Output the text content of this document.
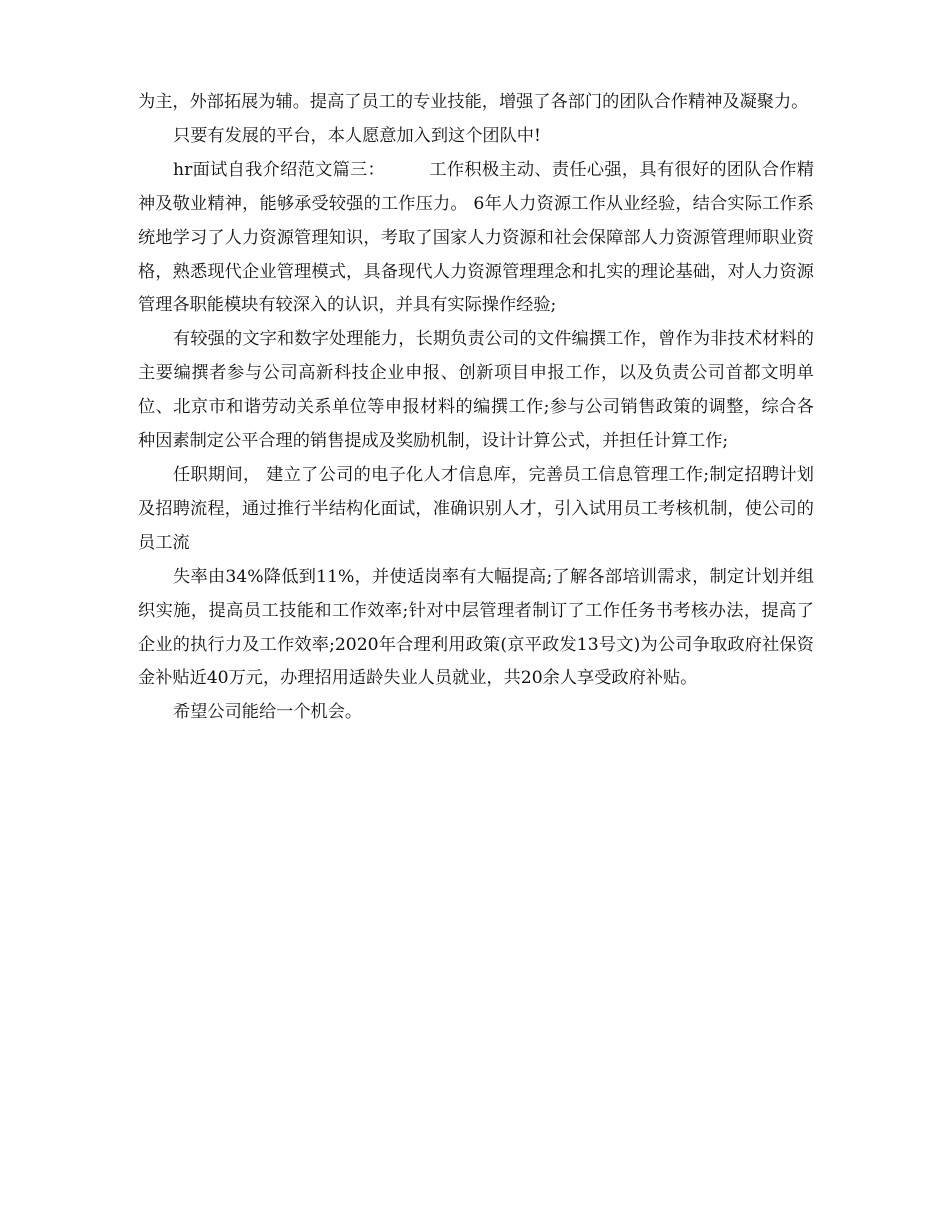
为主，外部拓展为辅。提高了员工的专业技能，增强了各部门的团队合作精神及凝聚力。

只要有发展的平台，本人愿意加入到这个团队中!

hr面试自我介绍范文篇三：	工作积极主动、责任心强，具有很好的团队合作精神及敬业精神，能够承受较强的工作压力。 6年人力资源工作从业经验，结合实际工作系统地学习了人力资源管理知识，考取了国家人力资源和社会保障部人力资源管理师职业资格，熟悉现代企业管理模式，具备现代人力资源管理理念和扎实的理论基础，对人力资源管理各职能模块有较深入的认识，并具有实际操作经验;

有较强的文字和数字处理能力，长期负责公司的文件编撰工作，曾作为非技术材料的主要编撰者参与公司高新科技企业申报、创新项目申报工作，以及负责公司首都文明单位、北京市和谐劳动关系单位等申报材料的编撰工作;参与公司销售政策的调整，综合各种因素制定公平合理的销售提成及奖励机制，设计计算公式，并担任计算工作;

任职期间， 建立了公司的电子化人才信息库，完善员工信息管理工作;制定招聘计划及招聘流程，通过推行半结构化面试，准确识别人才，引入试用员工考核机制，使公司的员工流

失率由34%降低到11%，并使适岗率有大幅提高;了解各部培训需求，制定计划并组织实施，提高员工技能和工作效率;针对中层管理者制订了工作任务书考核办法，提高了企业的执行力及工作效率;2020年合理利用政策(京平政发13号文)为公司争取政府社保资金补贴近40万元，办理招用适龄失业人员就业，共20余人享受政府补贴。

希望公司能给一个机会。
